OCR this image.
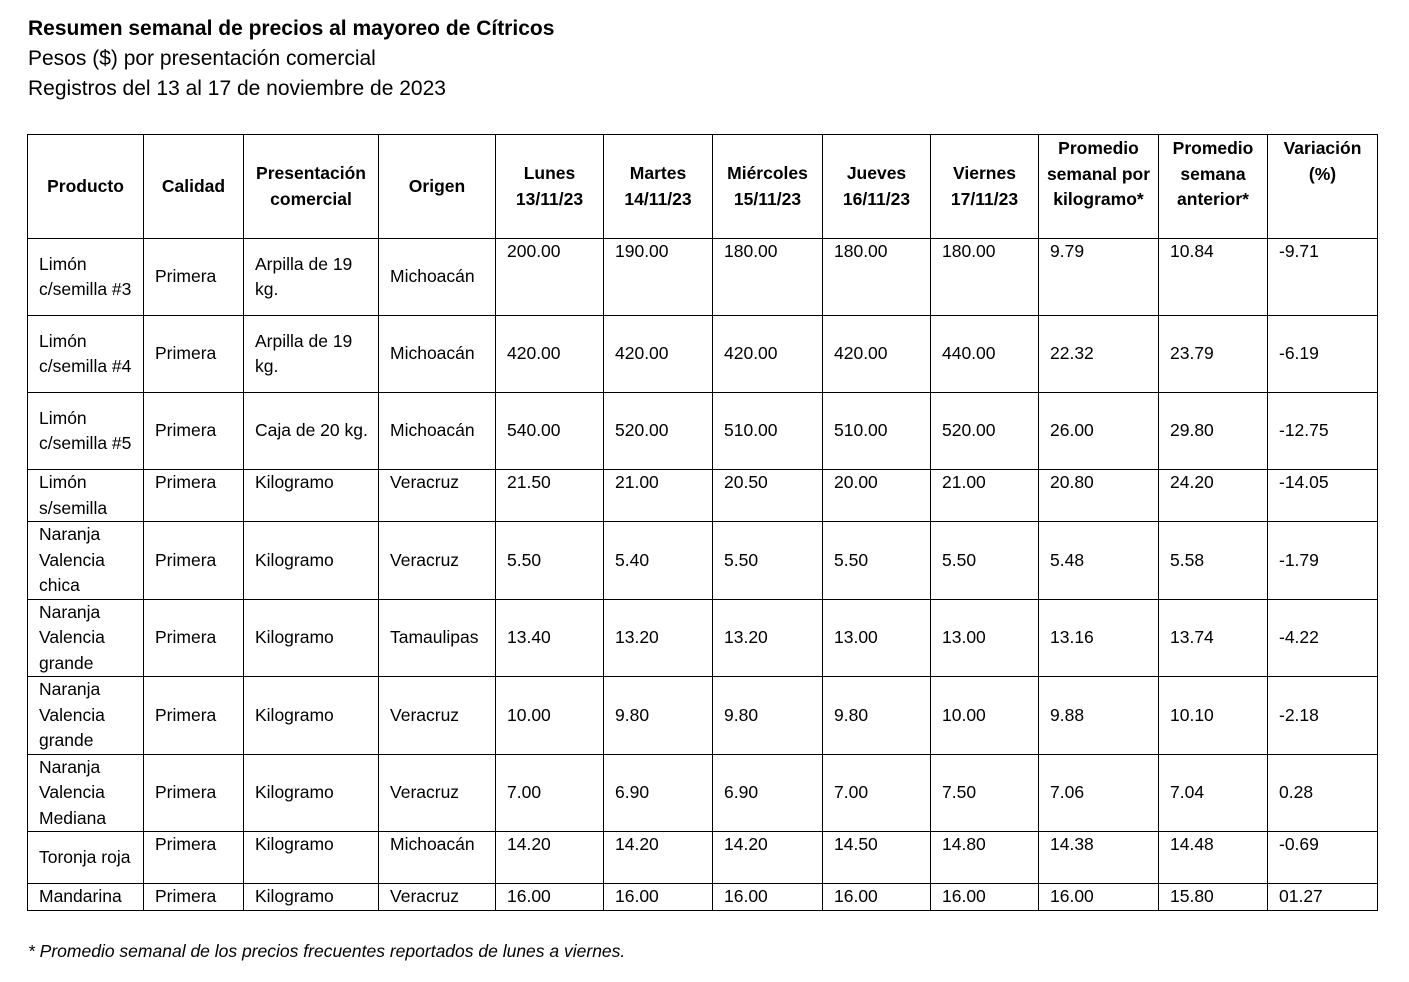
Resumen semanal de precios al mayoreo de Cítricos
Pesos ($) por presentación comercial
Registros del 13 al 17 de noviembre de 2023
Producto	Calidad	Presentación comercial	Origen	Lunes 13/11/23	Martes 14/11/23	Miércoles 15/11/23	Jueves 16/11/23	Viernes 17/11/23	Promedio semanal por kilogramo*	Promedio semana anterior*	Variación (%)
Limón c/semilla #3	Primera	Arpilla de 19 kg.	Michoacán	200.00	190.00	180.00	180.00	180.00	9.79	10.84	-9.71
Limón c/semilla #4	Primera	Arpilla de 19 kg.	Michoacán	420.00	420.00	420.00	420.00	440.00	22.32	23.79	-6.19
Limón c/semilla #5	Primera	Caja de 20 kg.	Michoacán	540.00	520.00	510.00	510.00	520.00	26.00	29.80	-12.75
Limón s/semilla	Primera	Kilogramo	Veracruz	21.50	21.00	20.50	20.00	21.00	20.80	24.20	-14.05
Naranja Valencia chica	Primera	Kilogramo	Veracruz	5.50	5.40	5.50	5.50	5.50	5.48	5.58	-1.79
Naranja Valencia grande	Primera	Kilogramo	Tamaulipas	13.40	13.20	13.20	13.00	13.00	13.16	13.74	-4.22
Naranja Valencia grande	Primera	Kilogramo	Veracruz	10.00	9.80	9.80	9.80	10.00	9.88	10.10	-2.18
Naranja Valencia Mediana	Primera	Kilogramo	Veracruz	7.00	6.90	6.90	7.00	7.50	7.06	7.04	0.28
Toronja roja	Primera	Kilogramo	Michoacán	14.20	14.20	14.20	14.50	14.80	14.38	14.48	-0.69
Mandarina	Primera	Kilogramo	Veracruz	16.00	16.00	16.00	16.00	16.00	16.00	15.80	01.27
* Promedio semanal de los precios frecuentes reportados de lunes a viernes.
